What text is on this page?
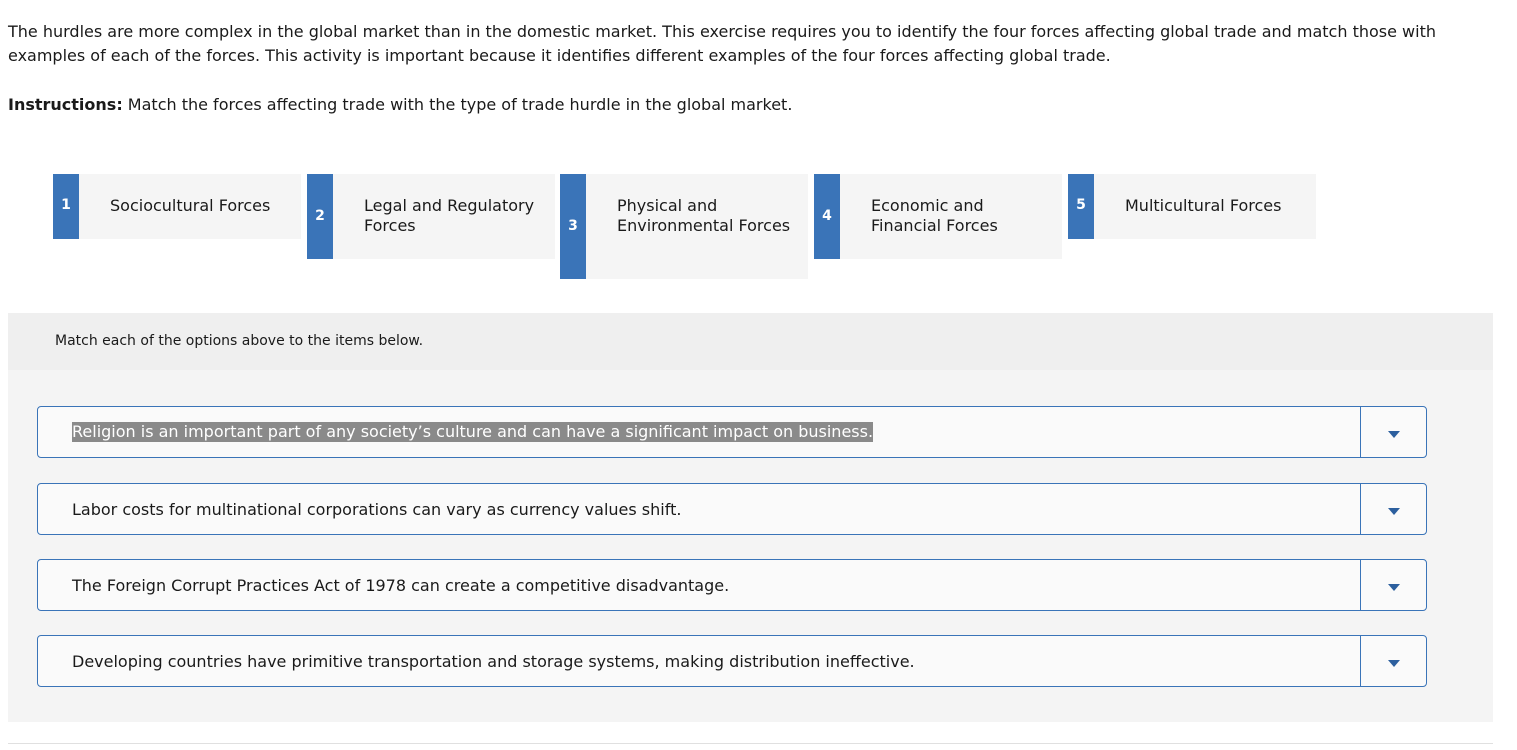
The hurdles are more complex in the global market than in the domestic market. This exercise requires you to identify the four forces affecting global trade and match those with examples of each of the forces. This activity is important because it identifies different examples of the four forces affecting global trade.

Instructions: Match the forces affecting trade with the type of trade hurdle in the global market.

1	Sociocultural Forces
2
Legal and Regulatory Forces	3
Physical and Environmental Forces
4
Economic and Financial Forces
5	Multicultural Forces
Match each of the options above to the items below.
Religion is an important part of any society’s culture and can have a significant impact on business.
Labor costs for multinational corporations can vary as currency values shift.
The Foreign Corrupt Practices Act of 1978 can create a competitive disadvantage.
Developing countries have primitive transportation and storage systems, making distribution ineffective.
